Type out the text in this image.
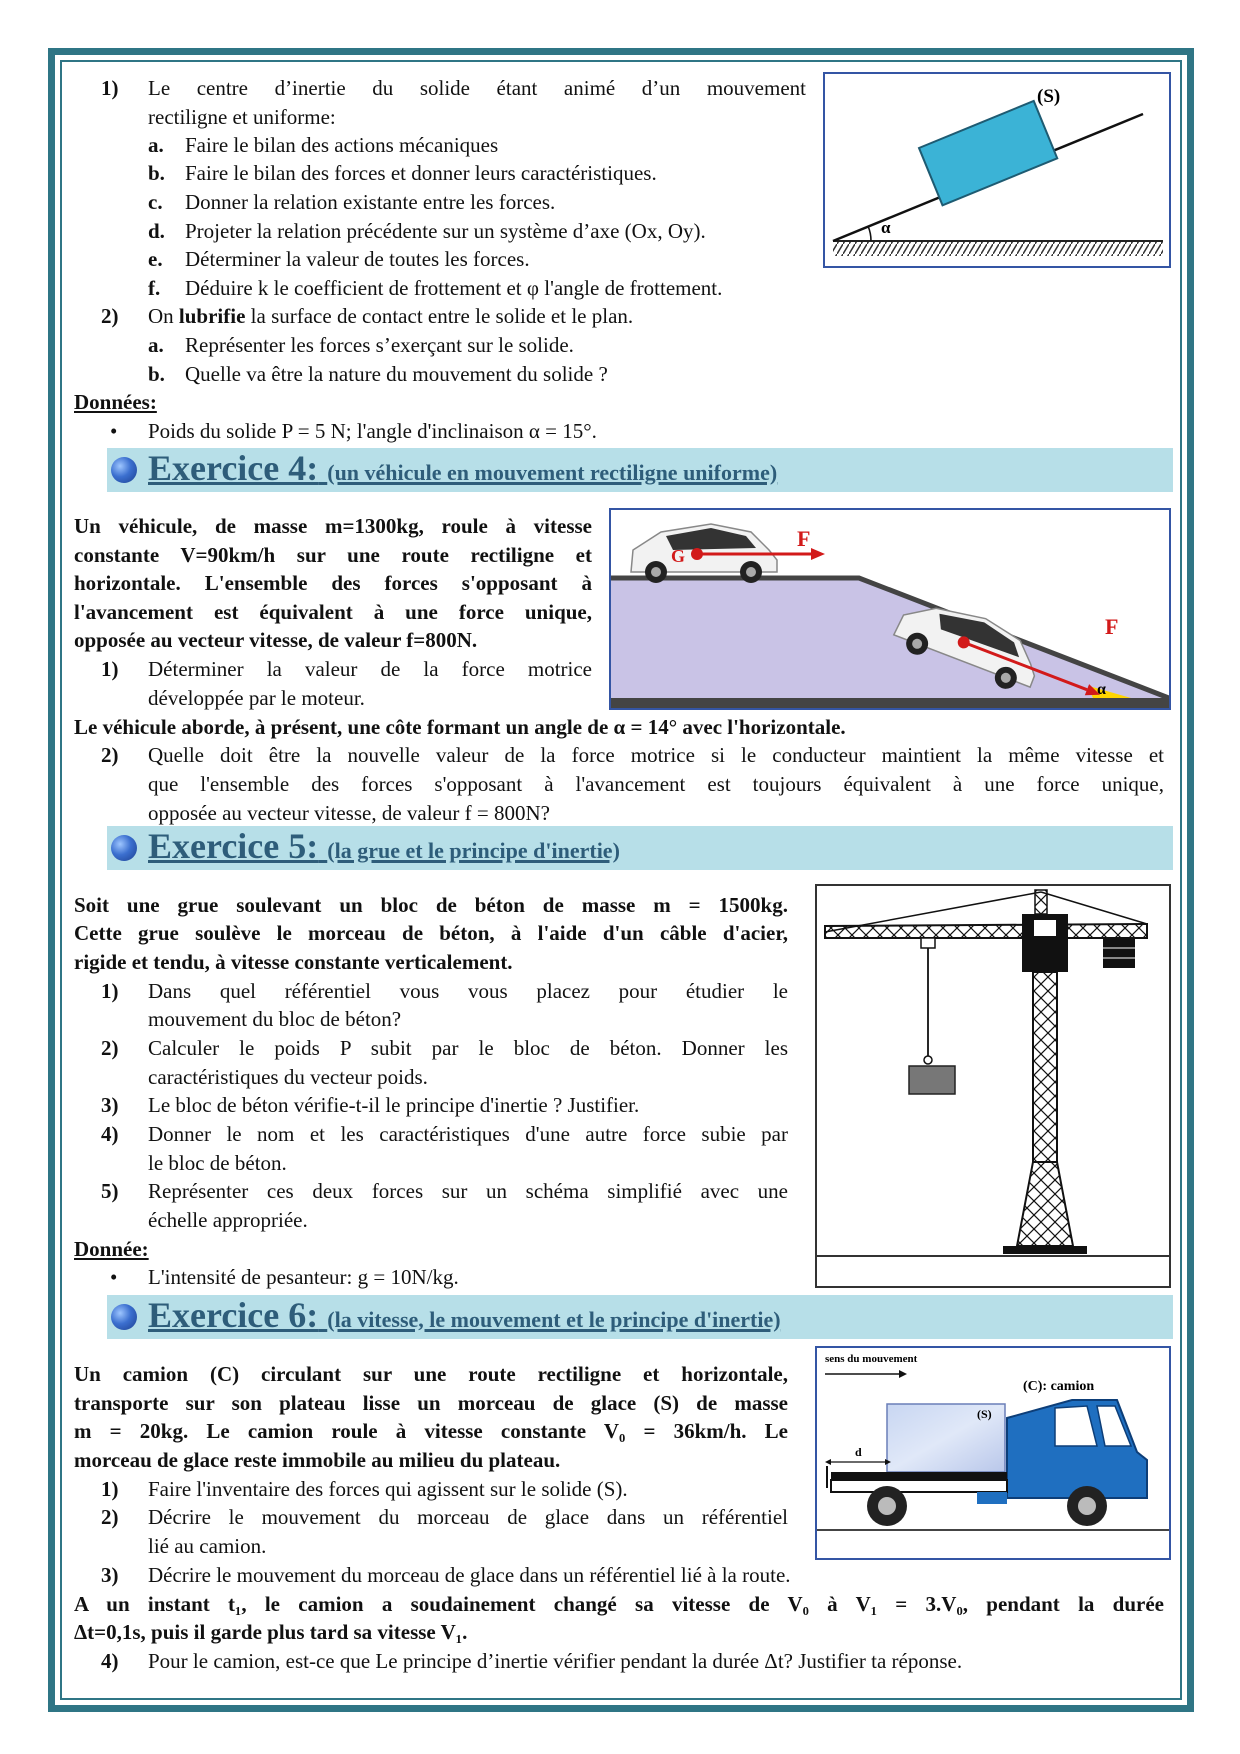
1) Le centre d’inertie du solide étant animé d’un mouvement
rectiligne et uniforme:
a. Faire le bilan des actions mécaniques
b. Faire le bilan des forces et donner leurs caractéristiques.
c. Donner la relation existante entre les forces.
d. Projeter la relation précédente sur un système d’axe (Ox, Oy).
e. Déterminer la valeur de toutes les forces.
f. Déduire k le coefficient de frottement et φ l'angle de frottement.
2) On lubrifie la surface de contact entre le solide et le plan.
a. Représenter les forces s’exerçant sur le solide.
b. Quelle va être la nature du mouvement du solide ?
Données:
• Poids du solide P = 5 N; l'angle d'inclinaison α = 15°.
α
(S)
Exercice 4: (un véhicule en mouvement rectiligne uniforme)
Un véhicule, de masse m=1300kg, roule à vitesse
constante V=90km/h sur une route rectiligne et
horizontale. L'ensemble des forces s'opposant à
l'avancement est équivalent à une force unique,
opposée au vecteur vitesse, de valeur f=800N.
1) Déterminer la valeur de la force motrice
développée par le moteur.
Le véhicule aborde, à présent, une côte formant un angle de α = 14° avec l'horizontale.
2) Quelle doit être la nouvelle valeur de la force motrice si le conducteur maintient la même vitesse et
que l'ensemble des forces s'opposant à l'avancement est toujours équivalent à une force unique,
opposée au vecteur vitesse, de valeur f = 800N?
α
G
F
F
Exercice 5: (la grue et le principe d'inertie)
Soit une grue soulevant un bloc de béton de masse m = 1500kg.
Cette grue soulève le morceau de béton, à l'aide d'un câble d'acier,
rigide et tendu, à vitesse constante verticalement.
1) Dans quel référentiel vous vous placez pour étudier le
mouvement du bloc de béton?
2) Calculer le poids P subit par le bloc de béton. Donner les
caractéristiques du vecteur poids.
3) Le bloc de béton vérifie-t-il le principe d'inertie ? Justifier.
4) Donner le nom et les caractéristiques d'une autre force subie par
le bloc de béton.
5) Représenter ces deux forces sur un schéma simplifié avec une
échelle appropriée.
Donnée:
• L'intensité de pesanteur: g = 10N/kg.
Exercice 6: (la vitesse, le mouvement et le principe d'inertie)
Un camion (C) circulant sur une route rectiligne et horizontale,
transporte sur son plateau lisse un morceau de glace (S) de masse
m = 20kg. Le camion roule à vitesse constante V₀ = 36km/h. Le
morceau de glace reste immobile au milieu du plateau.
1) Faire l'inventaire des forces qui agissent sur le solide (S).
2) Décrire le mouvement du morceau de glace dans un référentiel
lié au camion.
3) Décrire le mouvement du morceau de glace dans un référentiel lié à la route.
A un instant t₁, le camion a soudainement changé sa vitesse de V₀ à V₁ = 3.V₀, pendant la durée
Δt=0,1s, puis il garde plus tard sa vitesse V₁.
4) Pour le camion, est-ce que Le principe d’inertie vérifier pendant la durée Δt? Justifier ta réponse.
sens du mouvement
(C): camion
(S)
d
